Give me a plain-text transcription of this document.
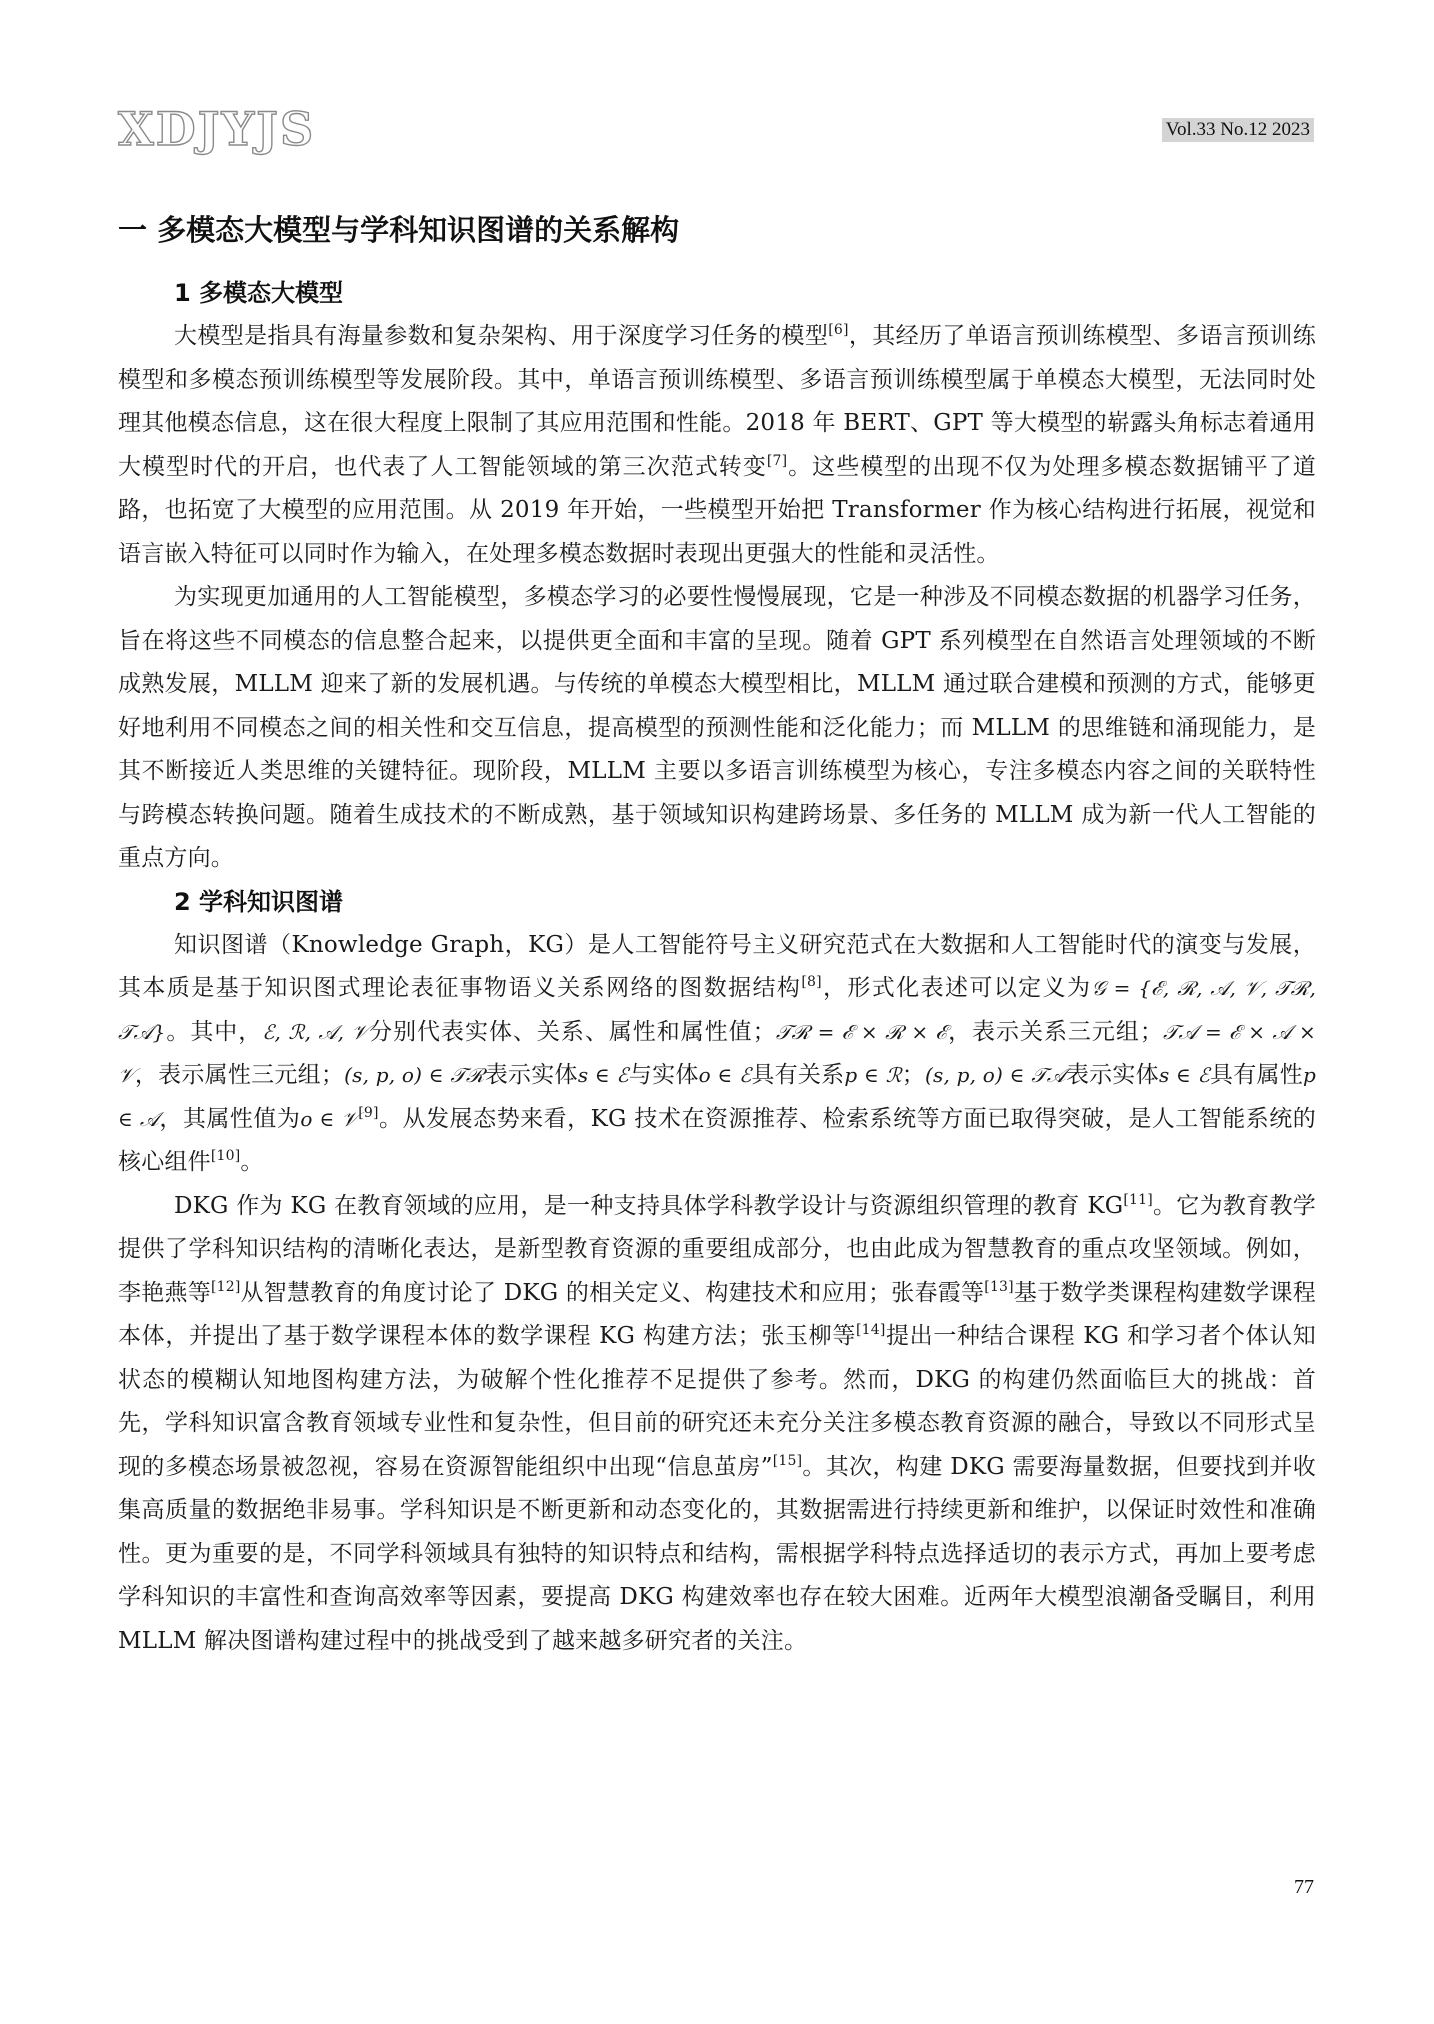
XDJYJS	Vol.33 No.12 2023
一 多模态大模型与学科知识图谱的关系解构
1 多模态大模型

大模型是指具有海量参数和复杂架构、用于深度学习任务的模型[6]，其经历了单语言预训练模型、多语言预训练模型和多模态预训练模型等发展阶段。其中，单语言预训练模型、多语言预训练模型属于单模态大模型，无法同时处理其他模态信息，这在很大程度上限制了其应用范围和性能。2018 年 BERT、GPT 等大模型的崭露头角标志着通用大模型时代的开启，也代表了人工智能领域的第三次范式转变[7]。这些模型的出现不仅为处理多模态数据铺平了道路，也拓宽了大模型的应用范围。从 2019 年开始，一些模型开始把 Transformer 作为核心结构进行拓展，视觉和语言嵌入特征可以同时作为输入，在处理多模态数据时表现出更强大的性能和灵活性。

为实现更加通用的人工智能模型，多模态学习的必要性慢慢展现，它是一种涉及不同模态数据的机器学习任务，旨在将这些不同模态的信息整合起来，以提供更全面和丰富的呈现。随着 GPT 系列模型在自然语言处理领域的不断成熟发展，MLLM 迎来了新的发展机遇。与传统的单模态大模型相比，MLLM 通过联合建模和预测的方式，能够更好地利用不同模态之间的相关性和交互信息，提高模型的预测性能和泛化能力；而 MLLM 的思维链和涌现能力，是其不断接近人类思维的关键特征。现阶段，MLLM 主要以多语言训练模型为核心，专注多模态内容之间的关联特性与跨模态转换问题。随着生成技术的不断成熟，基于领域知识构建跨场景、多任务的 MLLM 成为新一代人工智能的重点方向。

2 学科知识图谱

知识图谱（Knowledge Graph，KG）是人工智能符号主义研究范式在大数据和人工智能时代的演变与发展，其本质是基于知识图式理论表征事物语义关系网络的图数据结构[8]，形式化表述可以定义为𝒢 = {ℰ, ℛ, 𝒜, 𝒱, 𝒯ℛ, 𝒯𝒜}。其中，ℰ, ℛ, 𝒜, 𝒱分别代表实体、关系、属性和属性值；𝒯ℛ = ℰ × ℛ × ℰ，表示关系三元组；𝒯𝒜 = ℰ × 𝒜 × 𝒱，表示属性三元组；(s, p, o) ∈ 𝒯ℛ表示实体s ∈ ℰ与实体o ∈ ℰ具有关系p ∈ ℛ；(s, p, o) ∈ 𝒯𝒜表示实体s ∈ ℰ具有属性p ∈ 𝒜，其属性值为o ∈ 𝒱[9]。从发展态势来看，KG 技术在资源推荐、检索系统等方面已取得突破，是人工智能系统的核心组件[10]。

DKG 作为 KG 在教育领域的应用，是一种支持具体学科教学设计与资源组织管理的教育 KG[11]。它为教育教学提供了学科知识结构的清晰化表达，是新型教育资源的重要组成部分，也由此成为智慧教育的重点攻坚领域。例如，李艳燕等[12]从智慧教育的角度讨论了 DKG 的相关定义、构建技术和应用；张春霞等[13]基于数学类课程构建数学课程本体，并提出了基于数学课程本体的数学课程 KG 构建方法；张玉柳等[14]提出一种结合课程 KG 和学习者个体认知状态的模糊认知地图构建方法，为破解个性化推荐不足提供了参考。然而，DKG 的构建仍然面临巨大的挑战：首先，学科知识富含教育领域专业性和复杂性，但目前的研究还未充分关注多模态教育资源的融合，导致以不同形式呈现的多模态场景被忽视，容易在资源智能组织中出现“信息茧房”[15]。其次，构建 DKG 需要海量数据，但要找到并收集高质量的数据绝非易事。学科知识是不断更新和动态变化的，其数据需进行持续更新和维护，以保证时效性和准确性。更为重要的是，不同学科领域具有独特的知识特点和结构，需根据学科特点选择适切的表示方式，再加上要考虑学科知识的丰富性和查询高效率等因素，要提高 DKG 构建效率也存在较大困难。近两年大模型浪潮备受瞩目，利用 MLLM 解决图谱构建过程中的挑战受到了越来越多研究者的关注。

77
